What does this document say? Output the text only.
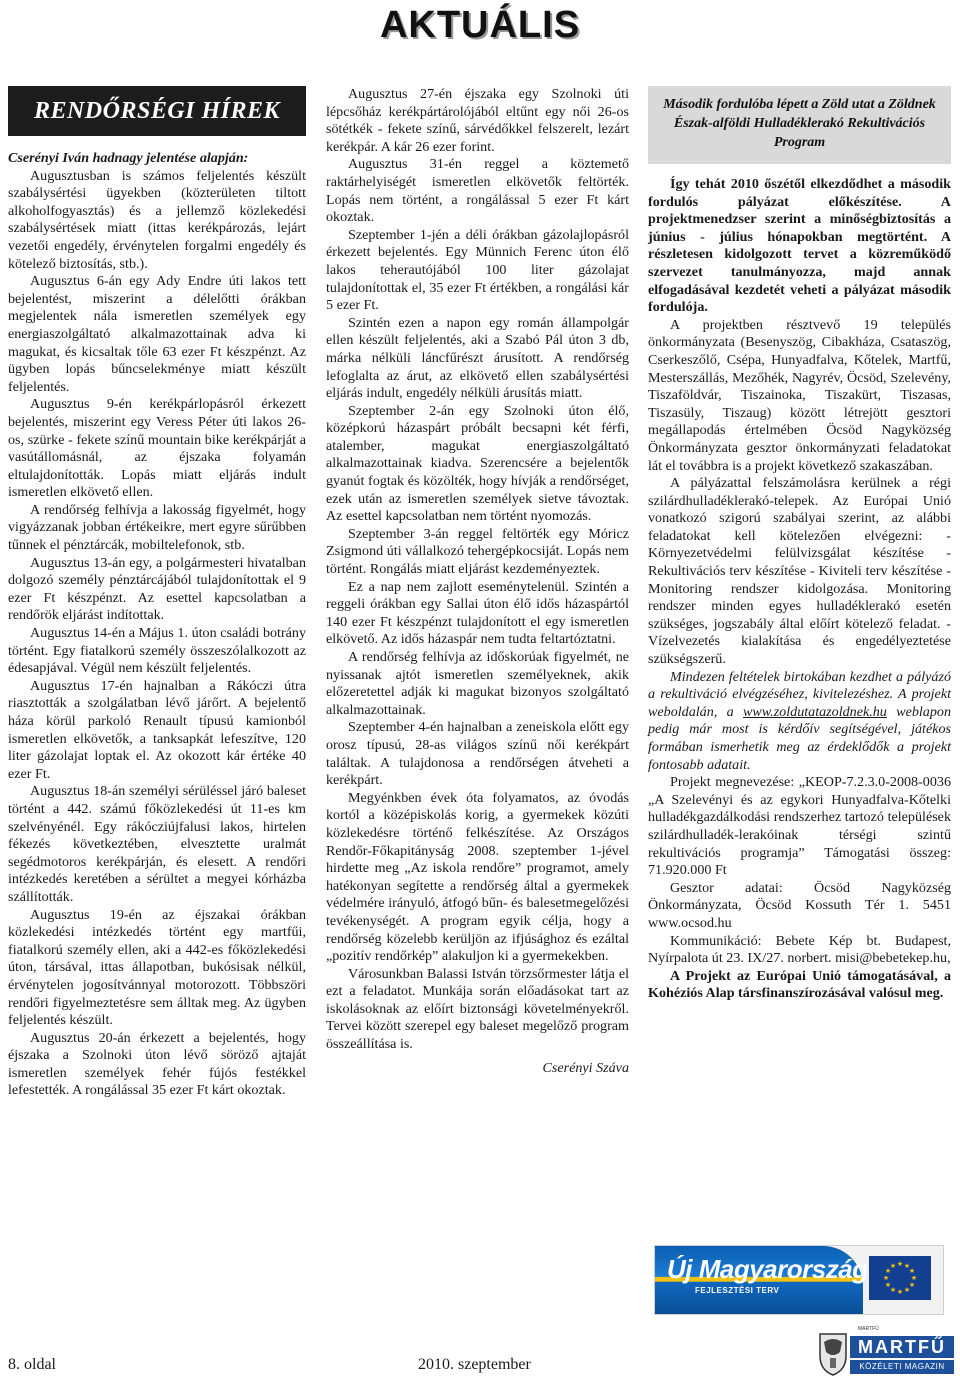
AKTUÁLIS
RENDŐRSÉGI HÍREK

Cserényi Iván hadnagy jelentése alapján:

Augusztusban is számos feljelentés készült szabálysértési ügyekben (közterületen tiltott alkoholfogyasztás) és a jellemző közlekedési szabálysértések miatt (ittas kerékpározás, lejárt vezetői engedély, érvénytelen forgalmi engedély és kötelező biztosítás, stb.).

Augusztus 6-án egy Ady Endre úti lakos tett bejelentést, miszerint a délelőtti órákban megjelentek nála ismeretlen személyek egy energiaszolgáltató alkalmazottainak adva ki magukat, és kicsaltak tőle 63 ezer Ft készpénzt. Az ügyben lopás bűncselekménye miatt készült feljelentés.

Augusztus 9-én kerékpárlopásról érkezett bejelentés, miszerint egy Veress Péter úti lakos 26-os, szürke - fekete színű mountain bike kerékpárját a vasútállomásnál, az éjszaka folyamán eltulajdonították. Lopás miatt eljárás indult ismeretlen elkövető ellen.

A rendőrség felhívja a lakosság figyelmét, hogy vigyázzanak jobban értékeikre, mert egyre sűrűbben tűnnek el pénztárcák, mobiltelefonok, stb.

Augusztus 13-án egy, a polgármesteri hivatalban dolgozó személy pénztárcájából tulajdonítottak el 9 ezer Ft készpénzt. Az esettel kapcsolatban a rendőrök eljárást indítottak.

Augusztus 14-én a Május 1. úton családi botrány történt. Egy fiatalkorú személy összeszólalkozott az édesapjával. Végül nem készült feljelentés.

Augusztus 17-én hajnalban a Rákóczi útra riasztották a szolgálatban lévő járőrt. A bejelentő háza körül parkoló Renault típusú kamionból ismeretlen elkövetők, a tanksapkát lefeszítve, 120 liter gázolajat loptak el. Az okozott kár értéke 40 ezer Ft.

Augusztus 18-án személyi sérüléssel járó baleset történt a 442. számú főközlekedési út 11-es km szelvényénél. Egy rákócziújfalusi lakos, hirtelen fékezés következtében, elvesztette uralmát segédmotoros kerékpárján, és elesett. A rendőri intézkedés keretében a sérültet a megyei kórházba szállították.

Augusztus 19-én az éjszakai órákban közlekedési intézkedés történt egy martfűi, fiatalkorú személy ellen, aki a 442-es főközlekedési úton, társával, ittas állapotban, bukósisak nélkül, érvénytelen jogosítvánnyal motorozott. Többszöri rendőri figyelmeztetésre sem álltak meg. Az ügyben feljelentés készült.

Augusztus 20-án érkezett a bejelentés, hogy éjszaka a Szolnoki úton lévő söröző ajtaját ismeretlen személyek fehér fújós festékkel lefestették. A rongálással 35 ezer Ft kárt okoztak.

Augusztus 27-én éjszaka egy Szolnoki úti lépcsőház kerékpártárolójából eltűnt egy női 26-os sötétkék - fekete színű, sárvédőkkel felszerelt, lezárt kerékpár. A kár 26 ezer forint.

Augusztus 31-én reggel a köztemető raktárhelyiségét ismeretlen elkövetők feltörték. Lopás nem történt, a rongálással 5 ezer Ft kárt okoztak.

Szeptember 1-jén a déli órákban gázolajlopásról érkezett bejelentés. Egy Münnich Ferenc úton élő lakos teherautójából 100 liter gázolajat tulajdonítottak el, 35 ezer Ft értékben, a rongálási kár 5 ezer Ft.

Szintén ezen a napon egy román állampolgár ellen készült feljelentés, aki a Szabó Pál úton 3 db, márka nélküli láncfűrészt árusított. A rendőrség lefoglalta az árut, az elkövető ellen szabálysértési eljárás indult, engedély nélküli árusítás miatt.

Szeptember 2-án egy Szolnoki úton élő, középkorú házaspárt próbált becsapni két férfi, atalember, magukat energiaszolgáltató alkalmazottainak kiadva. Szerencsére a bejelentők gyanút fogtak és közölték, hogy hívják a rendőrséget, ezek után az ismeretlen személyek sietve távoztak. Az esettel kapcsolatban nem történt nyomozás.

Szeptember 3-án reggel feltörték egy Móricz Zsigmond úti vállalkozó tehergépkocsiját. Lopás nem történt. Rongálás miatt eljárást kezdeményeztek.

Ez a nap nem zajlott eseménytelenül. Szintén a reggeli órákban egy Sallai úton élő idős házaspártól 140 ezer Ft készpénzt tulajdonított el egy ismeretlen elkövető. Az idős házaspár nem tudta feltartóztatni.

A rendőrség felhívja az időskorúak figyelmét, ne nyissanak ajtót ismeretlen személyeknek, akik előzeretettel adják ki magukat bizonyos szolgáltató alkalmazottainak.

Szeptember 4-én hajnalban a zeneiskola előtt egy orosz típusú, 28-as világos színű női kerékpárt találtak. A tulajdonosa a rendőrségen átveheti a kerékpárt.

Megyénkben évek óta folyamatos, az óvodás kortól a középiskolás korig, a gyermekek közúti közlekedésre történő felkészítése. Az Országos Rendőr-Főkapitányság 2008. szeptember 1-jével hirdette meg „Az iskola rendőre” programot, amely hatékonyan segítette a rendőrség által a gyermekek védelmére irányuló, átfogó bűn- és balesetmegelőzési tevékenységét. A program egyik célja, hogy a rendőrség közelebb kerüljön az ifjúsághoz és ezáltal „pozitív rendőrkép” alakuljon ki a gyermekekben.

Városunkban Balassi István törzsőrmester látja el ezt a feladatot. Munkája során előadásokat tart az iskolásoknak az előírt biztonsági követelményekről. Tervei között szerepel egy baleset megelőző program összeállítása is.

Cserényi Száva

Második fordulóba lépett a Zöld utat a Zöldnek Észak-alföldi Hulladéklerakó Rekultivációs Program

Így tehát 2010 őszétől elkezdődhet a második fordulós pályázat előkészítése. A projektmenedzser szerint a minőségbiztosítás a június - július hónapokban megtörtént. A részletesen kidolgozott tervet a közreműködő szervezet tanulmányozza, majd annak elfogadásával kezdetét veheti a pályázat második fordulója.

A projektben résztvevő 19 település önkormányzata (Besenyszög, Cibakháza, Csataszög, Cserkeszőlő, Csépa, Hunyadfalva, Kőtelek, Martfű, Mesterszállás, Mezőhék, Nagyrév, Öcsöd, Szelevény, Tiszaföldvár, Tiszainoka, Tiszakürt, Tiszasas, Tiszasüly, Tiszaug) között létrejött gesztori megállapodás értelmében Öcsöd Nagyközség Önkormányzata gesztor önkormányzati feladatokat lát el továbbra is a projekt következő szakaszában.

A pályázattal felszámolásra kerülnek a régi szilárdhulladéklerakó-telepek. Az Európai Unió vonatkozó szigorú szabályai szerint, az alábbi feladatokat kell kötelezően elvégezni: - Környezetvédelmi felülvizsgálat készítése - Rekultivációs terv készítése - Kiviteli terv készítése - Monitoring rendszer kidolgozása. Monitoring rendszer minden egyes hulladéklerakó esetén szükséges, jogszabály által előírt kötelező feladat. - Vízelvezetés kialakítása és engedélyeztetése szükségszerű.

Mindezen feltételek birtokában kezdhet a pályázó a rekultiváció elvégzéséhez, kivitelezéshez. A projekt weboldalán, a www.zoldutatazoldnek.hu weblapon pedig már most is kérdőív segítségével, játékos formában ismerhetik meg az érdeklődők a projekt fontosabb adatait.

Projekt megnevezése: „KEOP-7.2.3.0-2008-0036 „A Szelevényi és az egykori Hunyadfalva-Kőtelki hulladékgazdálkodási rendszerhez tartozó települések szilárdhulladék-lerakóinak térségi szintű rekultivációs programja” Támogatási összeg: 71.920.000 Ft

Gesztor adatai: Öcsöd Nagyközség Önkormányzata, Öcsöd Kossuth Tér 1. 5451 www.ocsod.hu

Kommunikáció: Bebete Kép bt. Budapest, Nyírpalota út 23. IX/27. norbert. misi@bebetekep.hu,

A Projekt az Európai Unió támogatásával, a Kohéziós Alap társfinanszírozásával valósul meg.

Új Magyarország
FEJLESZTÉSI TERV
★ ★
★
★
★
★
★
★
★
★
★
★
8. oldal	2010. szeptember
MARTFŰ
MARTFŰ
KÖZÉLETI MAGAZIN
